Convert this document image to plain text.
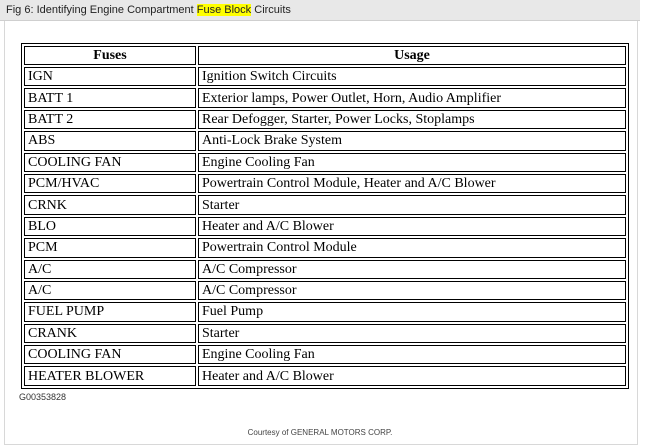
Fig 6: Identifying Engine Compartment Fuse Block Circuits
Fuses	Usage
IGN	Ignition Switch Circuits
BATT 1	Exterior lamps, Power Outlet, Horn, Audio Amplifier
BATT 2	Rear Defogger, Starter, Power Locks, Stoplamps
ABS	Anti-Lock Brake System
COOLING FAN	Engine Cooling Fan
PCM/HVAC	Powertrain Control Module, Heater and A/C Blower
CRNK	Starter
BLO	Heater and A/C Blower
PCM	Powertrain Control Module
A/C	A/C Compressor
A/C	A/C Compressor
FUEL PUMP	Fuel Pump
CRANK	Starter
COOLING FAN	Engine Cooling Fan
HEATER BLOWER	Heater and A/C Blower
G00353828
Courtesy of GENERAL MOTORS CORP.
